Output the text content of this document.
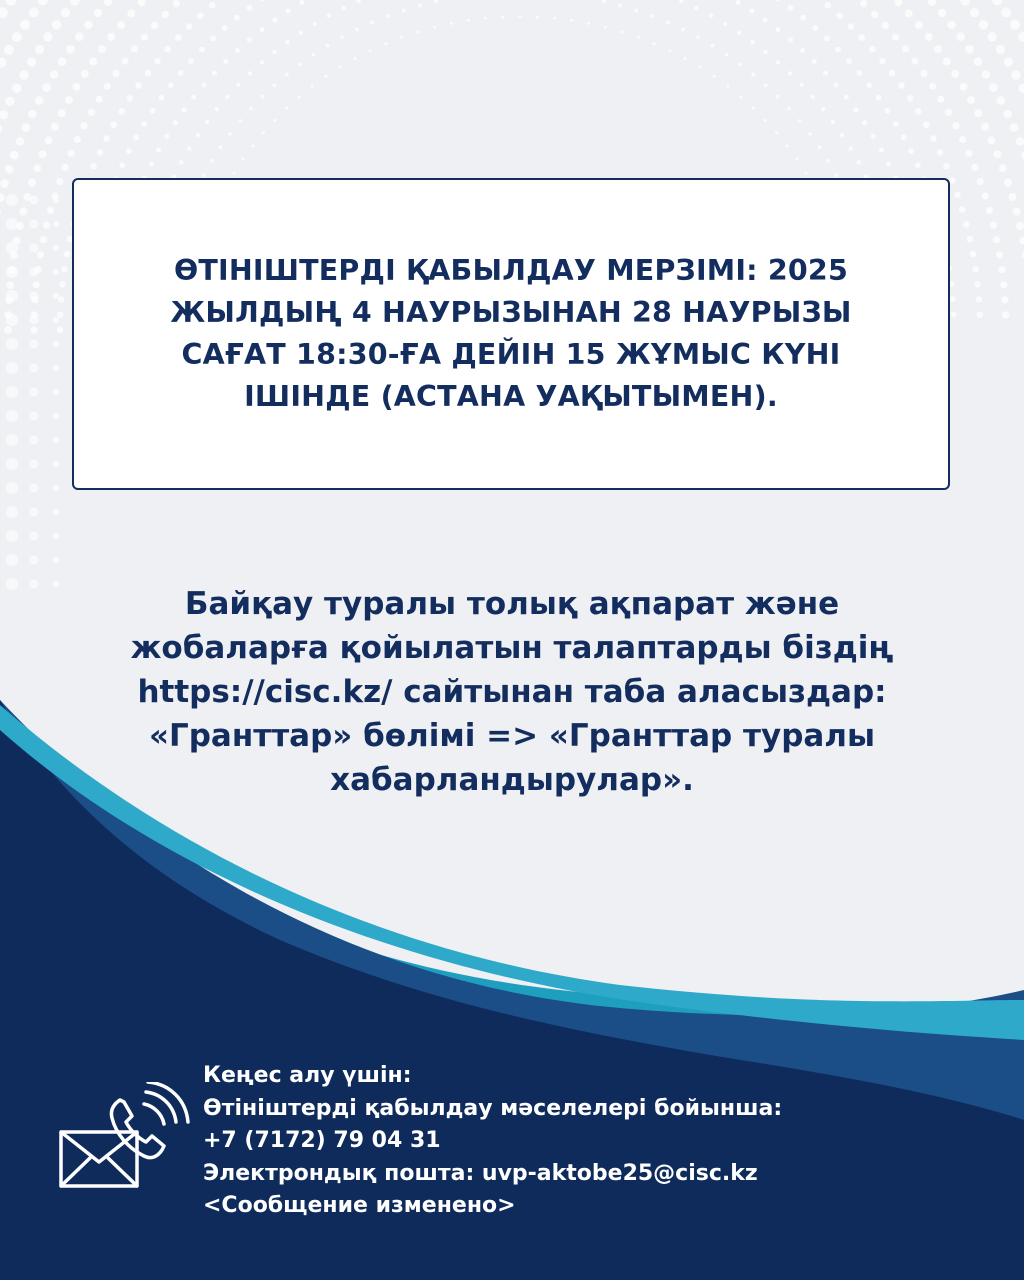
ӨТІНІШТЕРДІ ҚАБЫЛДАУ МЕРЗІМІ: 2025
ЖЫЛДЫҢ 4 НАУРЫЗЫНАН 28 НАУРЫЗЫ
САҒАТ 18:30-ҒА ДЕЙІН 15 ЖҰМЫС КҮНІ
ІШІНДЕ (АСТАНА УАҚЫТЫМЕН).

Байқау туралы толық ақпарат және
жобаларға қойылатын талаптарды біздің
https://cisc.kz/ сайтынан таба аласыздар:
«Гранттар» бөлімі => «Гранттар туралы
хабарландырулар».

Кеңес алу үшін:
Өтініштерді қабылдау мәселелері бойынша:
+7 (7172) 79 04 31
Электрондық пошта: uvp-aktobe25@cisc.kz
<Сообщение изменено>
